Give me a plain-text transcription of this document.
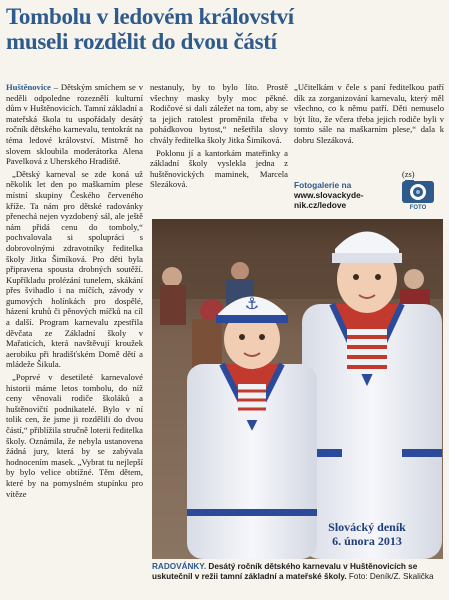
Tombolu v ledovém království
museli rozdělit do dvou částí

Huštěnovice – Dětským smíchem se v neděli odpoledne rozeznělí kulturní dům v Huštěnovicích. Tamní základní a mateřská škola tu uspořádaly desátý ročník dětského karnevalu, tentokrát na téma ledové království. Mistrně ho slovem skloubila moderátorka Alena Pavelková z Uherského Hradiště.

„Dětský karneval se zde koná už několik let den po maškarním plese místní skupiny Českého červeného kříže. Ta nám pro dětské radovánky přenechá nejen vyzdobený sál, ale ještě nám přidá cenu do tomboly,“ pochvalovala si spolupráci s dobrovolnými zdravotníky ředitelka školy Jitka Šimíková. Pro děti byla připravena spousta drobných soutěží. Kupříkladu prolézání tunelem, skákání přes švihadlo i na míčích, závody v gumových holínkách pro dospělé, házení kruhů či pěnových míčků na cíl a další. Program karnevalu zpestřila děvčata ze Základní školy v Mařaticích, která navštěvují kroužek aerobiku při hradišťském Domě dětí a mládeže Šikula.

„Poprvé v desetileté karnevalové historii máme letos tombolu, do níž ceny věnovali rodiče školáků a huštěnovičtí podnikatelé. Bylo v ní tolik cen, že jsme ji rozdělili do dvou částí,“ přiblížila stručně loterii ředitelka školy. Oznámila, že nebyla ustanovena žádná jury, která by se zabývala hodnocením masek. „Vybrat tu nejlepší by bylo velice obtížné. Těm dětem, které by na pomyslném stupínku pro vítěze

nestanuly, by to bylo líto. Prostě všechny masky byly moc pěkné. Rodičové si dali záležet na tom, aby se ta jejich ratolest proměnila třeba v pohádkovou bytost,“ nešetřila slovy chvály ředitelka školy Jitka Šimíková.

Poklonu jí a kantorkám mateřinky a základní školy vyslekla jedna z huštěnovických maminek, Marcela Slezáková.

„Učitelkám v čele s paní ředitelkou patří dík za zorganizování karnevalu, který měl všechno, co k němu patří. Děti nemuselo být líto, že včera třeba jejich rodiče byli v tomto sále na maškarním plese,“ dala k dobru Slezáková.

(zs)
Fotogalerie na
www.slovackyde-nik.cz/ledove	FOTO
⚓
Slovácký deník
6. února 2013
RADOVÁNKY. Desátý ročník dětského karnevalu v Huštěnovicích se uskutečnil v režii tamní základní a mateřské školy. Foto: Deník/Z. Skalička
